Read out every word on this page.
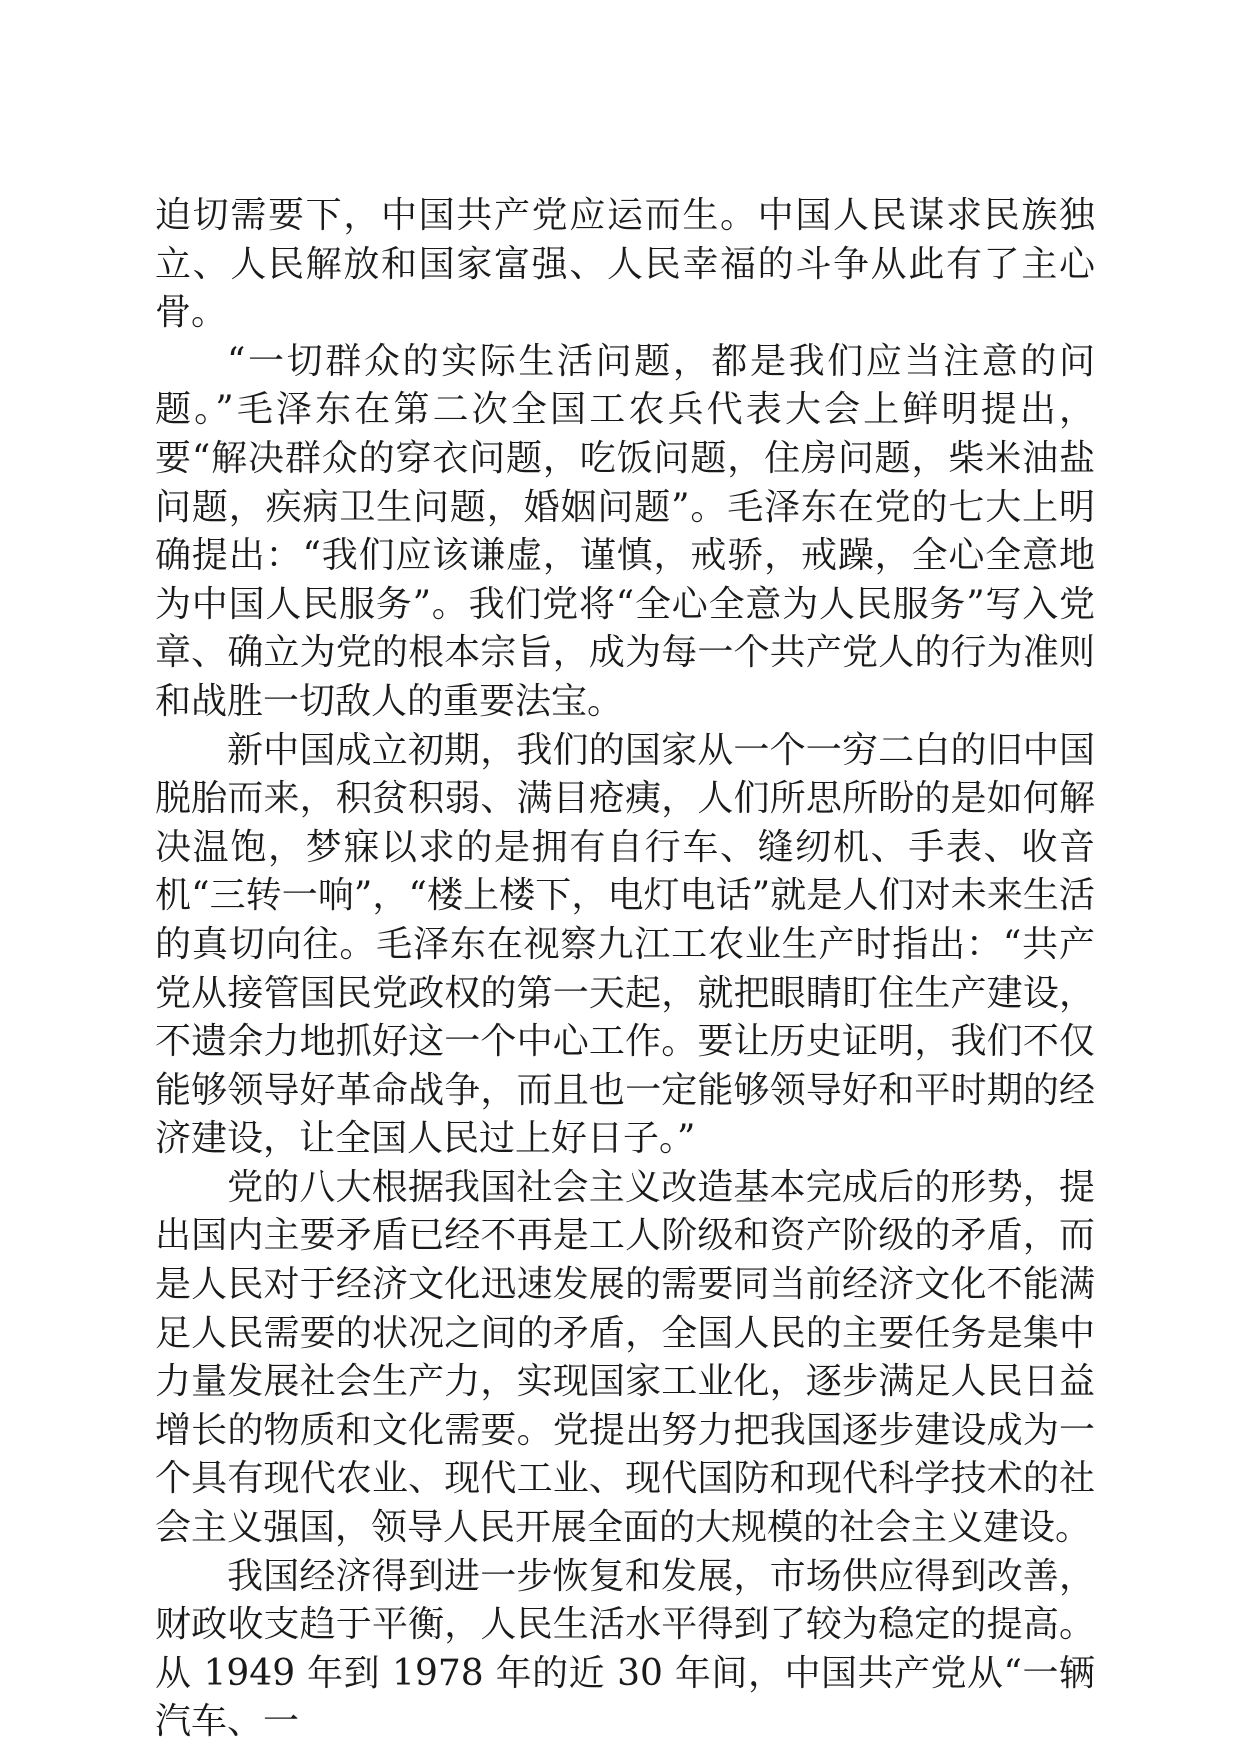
迫切需要下，中国共产党应运而生。中国人民谋求民族独立、人民解放和国家富强、人民幸福的斗争从此有了主心骨。

“一切群众的实际生活问题，都是我们应当注意的问题。”毛泽东在第二次全国工农兵代表大会上鲜明提出，要“解决群众的穿衣问题，吃饭问题，住房问题，柴米油盐问题，疾病卫生问题，婚姻问题”。毛泽东在党的七大上明确提出：“我们应该谦虚，谨慎，戒骄，戒躁，全心全意地为中国人民服务”。我们党将“全心全意为人民服务”写入党章、确立为党的根本宗旨，成为每一个共产党人的行为准则和战胜一切敌人的重要法宝。

新中国成立初期，我们的国家从一个一穷二白的旧中国脱胎而来，积贫积弱、满目疮痍，人们所思所盼的是如何解决温饱，梦寐以求的是拥有自行车、缝纫机、手表、收音机“三转一响”，“楼上楼下，电灯电话”就是人们对未来生活的真切向往。毛泽东在视察九江工农业生产时指出：“共产党从接管国民党政权的第一天起，就把眼睛盯住生产建设，不遗余力地抓好这一个中心工作。要让历史证明，我们不仅能够领导好革命战争，而且也一定能够领导好和平时期的经济建设，让全国人民过上好日子。”

党的八大根据我国社会主义改造基本完成后的形势，提出国内主要矛盾已经不再是工人阶级和资产阶级的矛盾，而是人民对于经济文化迅速发展的需要同当前经济文化不能满足人民需要的状况之间的矛盾，全国人民的主要任务是集中力量发展社会生产力，实现国家工业化，逐步满足人民日益增长的物质和文化需要。党提出努力把我国逐步建设成为一个具有现代农业、现代工业、现代国防和现代科学技术的社会主义强国，领导人民开展全面的大规模的社会主义建设。

我国经济得到进一步恢复和发展，市场供应得到改善，财政收支趋于平衡，人民生活水平得到了较为稳定的提高。从 1949 年到 1978 年的近 30 年间，中国共产党从“一辆汽车、一
